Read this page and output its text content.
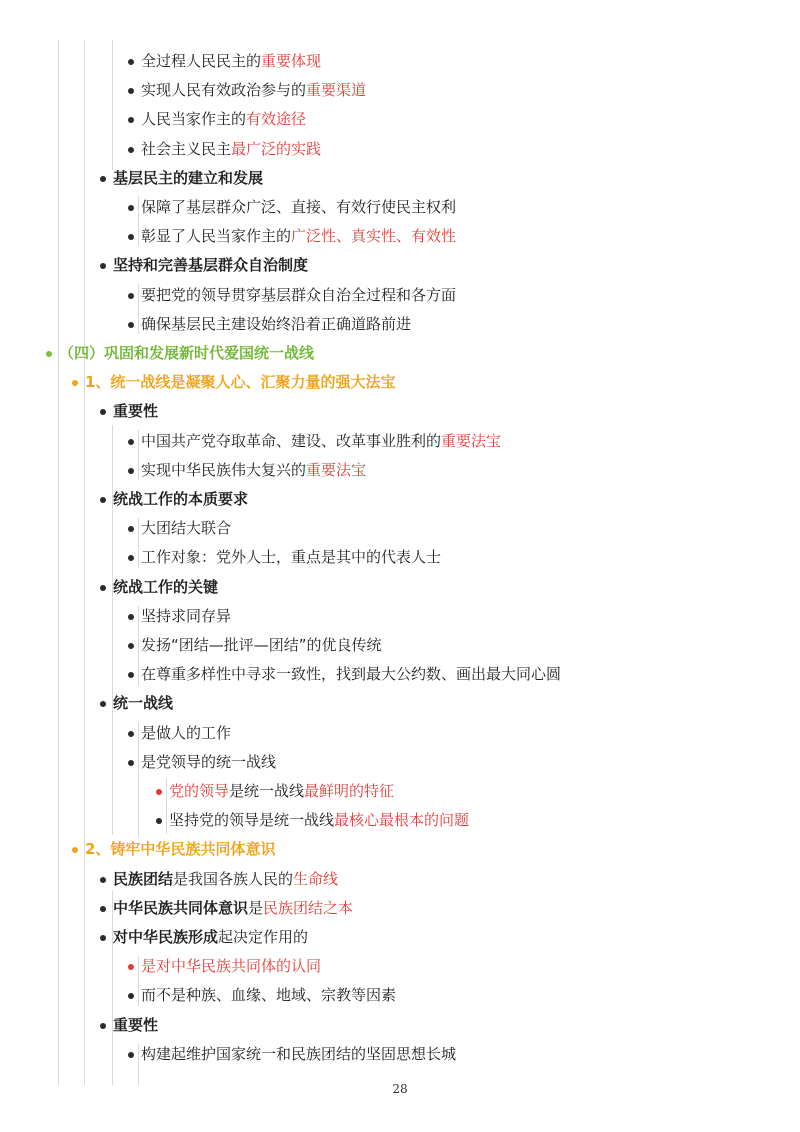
全过程人民民主的重要体现
实现人民有效政治参与的重要渠道
人民当家作主的有效途径
社会主义民主最广泛的实践
基层民主的建立和发展
保障了基层群众广泛、直接、有效行使民主权利
彰显了人民当家作主的广泛性、真实性、有效性
坚持和完善基层群众自治制度
要把党的领导贯穿基层群众自治全过程和各方面
确保基层民主建设始终沿着正确道路前进
（四）巩固和发展新时代爱国统一战线
1、统一战线是凝聚人心、汇聚力量的强大法宝
重要性
中国共产党夺取革命、建设、改革事业胜利的重要法宝
实现中华民族伟大复兴的重要法宝
统战工作的本质要求
大团结大联合
工作对象：党外人士，重点是其中的代表人士
统战工作的关键
坚持求同存异
发扬“团结—批评—团结”的优良传统
在尊重多样性中寻求一致性，找到最大公约数、画出最大同心圆
统一战线
是做人的工作
是党领导的统一战线
党的领导是统一战线最鲜明的特征
坚持党的领导是统一战线最核心最根本的问题
2、铸牢中华民族共同体意识
民族团结是我国各族人民的生命线
中华民族共同体意识是民族团结之本
对中华民族形成起决定作用的
是对中华民族共同体的认同
而不是种族、血缘、地域、宗教等因素
重要性
构建起维护国家统一和民族团结的坚固思想长城
28
